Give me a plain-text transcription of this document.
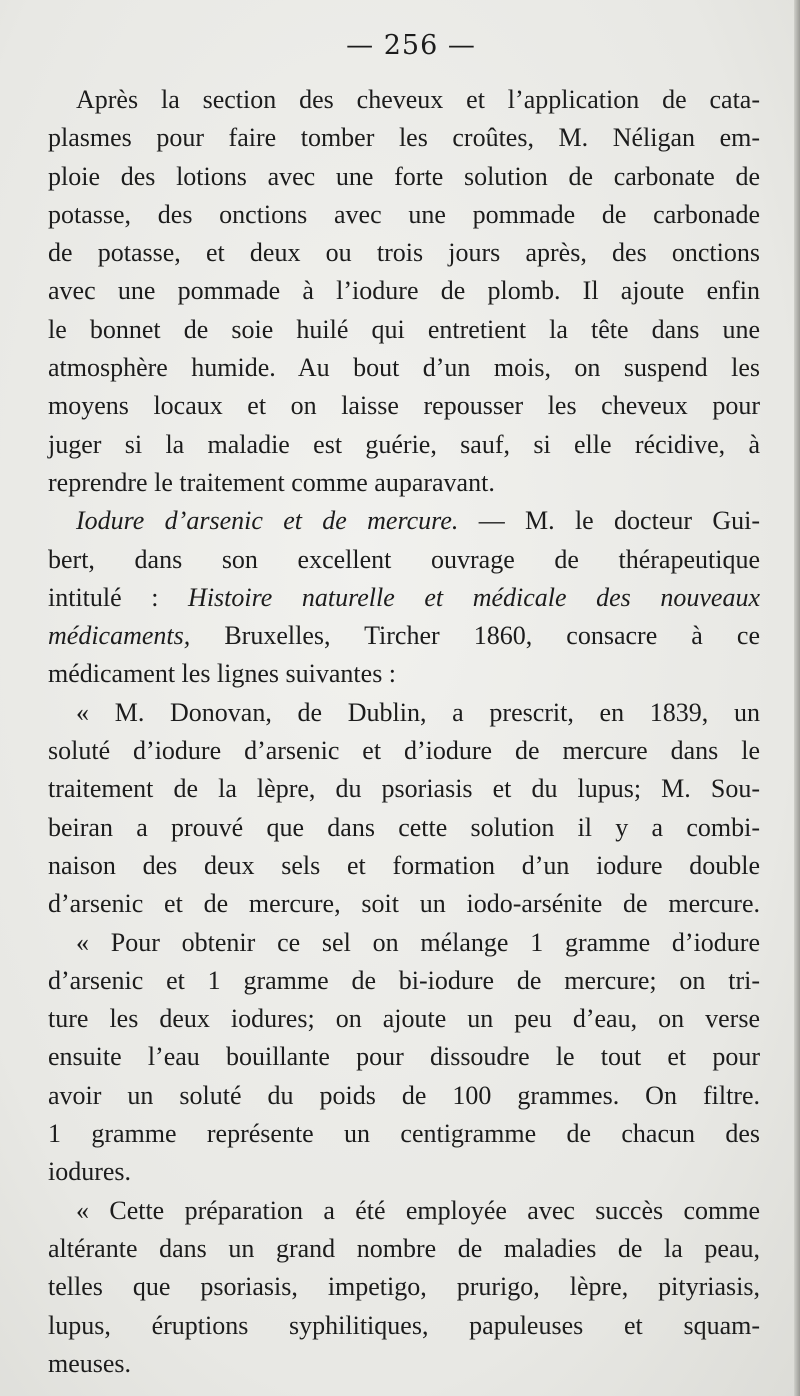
— 256 —
Après la section des cheveux et l’application de cata-
plasmes pour faire tomber les croûtes, M. Néligan em-
ploie des lotions avec une forte solution de carbonate de
potasse, des onctions avec une pommade de carbonade
de potasse, et deux ou trois jours après, des onctions
avec une pommade à l’iodure de plomb. Il ajoute enfin
le bonnet de soie huilé qui entretient la tête dans une
atmosphère humide. Au bout d’un mois, on suspend les
moyens locaux et on laisse repousser les cheveux pour
juger si la maladie est guérie, sauf, si elle récidive, à
reprendre le traitement comme auparavant.
Iodure d’arsenic et de mercure. — M. le docteur Gui-
bert, dans son excellent ouvrage de thérapeutique
intitulé : Histoire naturelle et médicale des nouveaux
médicaments, Bruxelles, Tircher 1860, consacre à ce
médicament les lignes suivantes :
« M. Donovan, de Dublin, a prescrit, en 1839, un
soluté d’iodure d’arsenic et d’iodure de mercure dans le
traitement de la lèpre, du psoriasis et du lupus; M. Sou-
beiran a prouvé que dans cette solution il y a combi-
naison des deux sels et formation d’un iodure double
d’arsenic et de mercure, soit un iodo-arsénite de mercure.
« Pour obtenir ce sel on mélange 1 gramme d’iodure
d’arsenic et 1 gramme de bi-iodure de mercure; on tri-
ture les deux iodures; on ajoute un peu d’eau, on verse
ensuite l’eau bouillante pour dissoudre le tout et pour
avoir un soluté du poids de 100 grammes. On filtre.
1 gramme représente un centigramme de chacun des
iodures.
« Cette préparation a été employée avec succès comme
altérante dans un grand nombre de maladies de la peau,
telles que psoriasis, impetigo, prurigo, lèpre, pityriasis,
lupus, éruptions syphilitiques, papuleuses et squam-
meuses.
